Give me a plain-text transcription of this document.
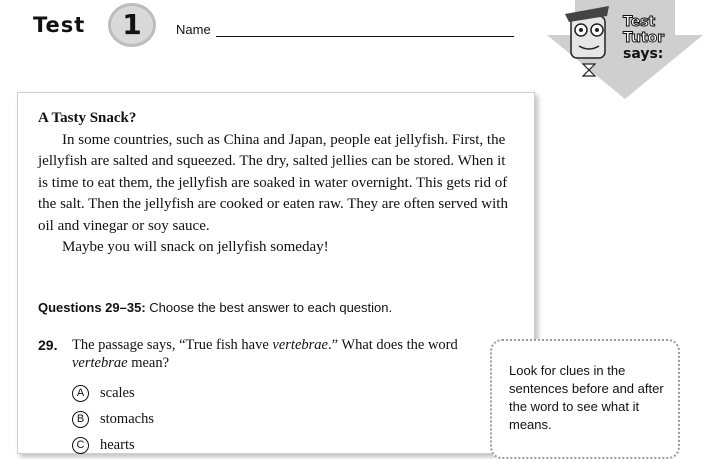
Test	1	Name	Test
Tutor
says:
A Tasty Snack?
In some countries, such as China and Japan, people eat jellyfish. First, the jellyfish are salted and squeezed. The dry, salted jellies can be stored. When it is time to eat them, the jellyfish are soaked in water overnight. This gets rid of the salt. Then the jellyfish are cooked or eaten raw. They are often served with oil and vinegar or soy sauce.
Maybe you will snack on jellyfish someday!
Questions 29–35: Choose the best answer to each question.
29. The passage says, “True fish have vertebrae.” What does the word vertebrae mean?
A	scales
B	stomachs
C	hearts
Look for clues in the sentences before and after the word to see what it means.
